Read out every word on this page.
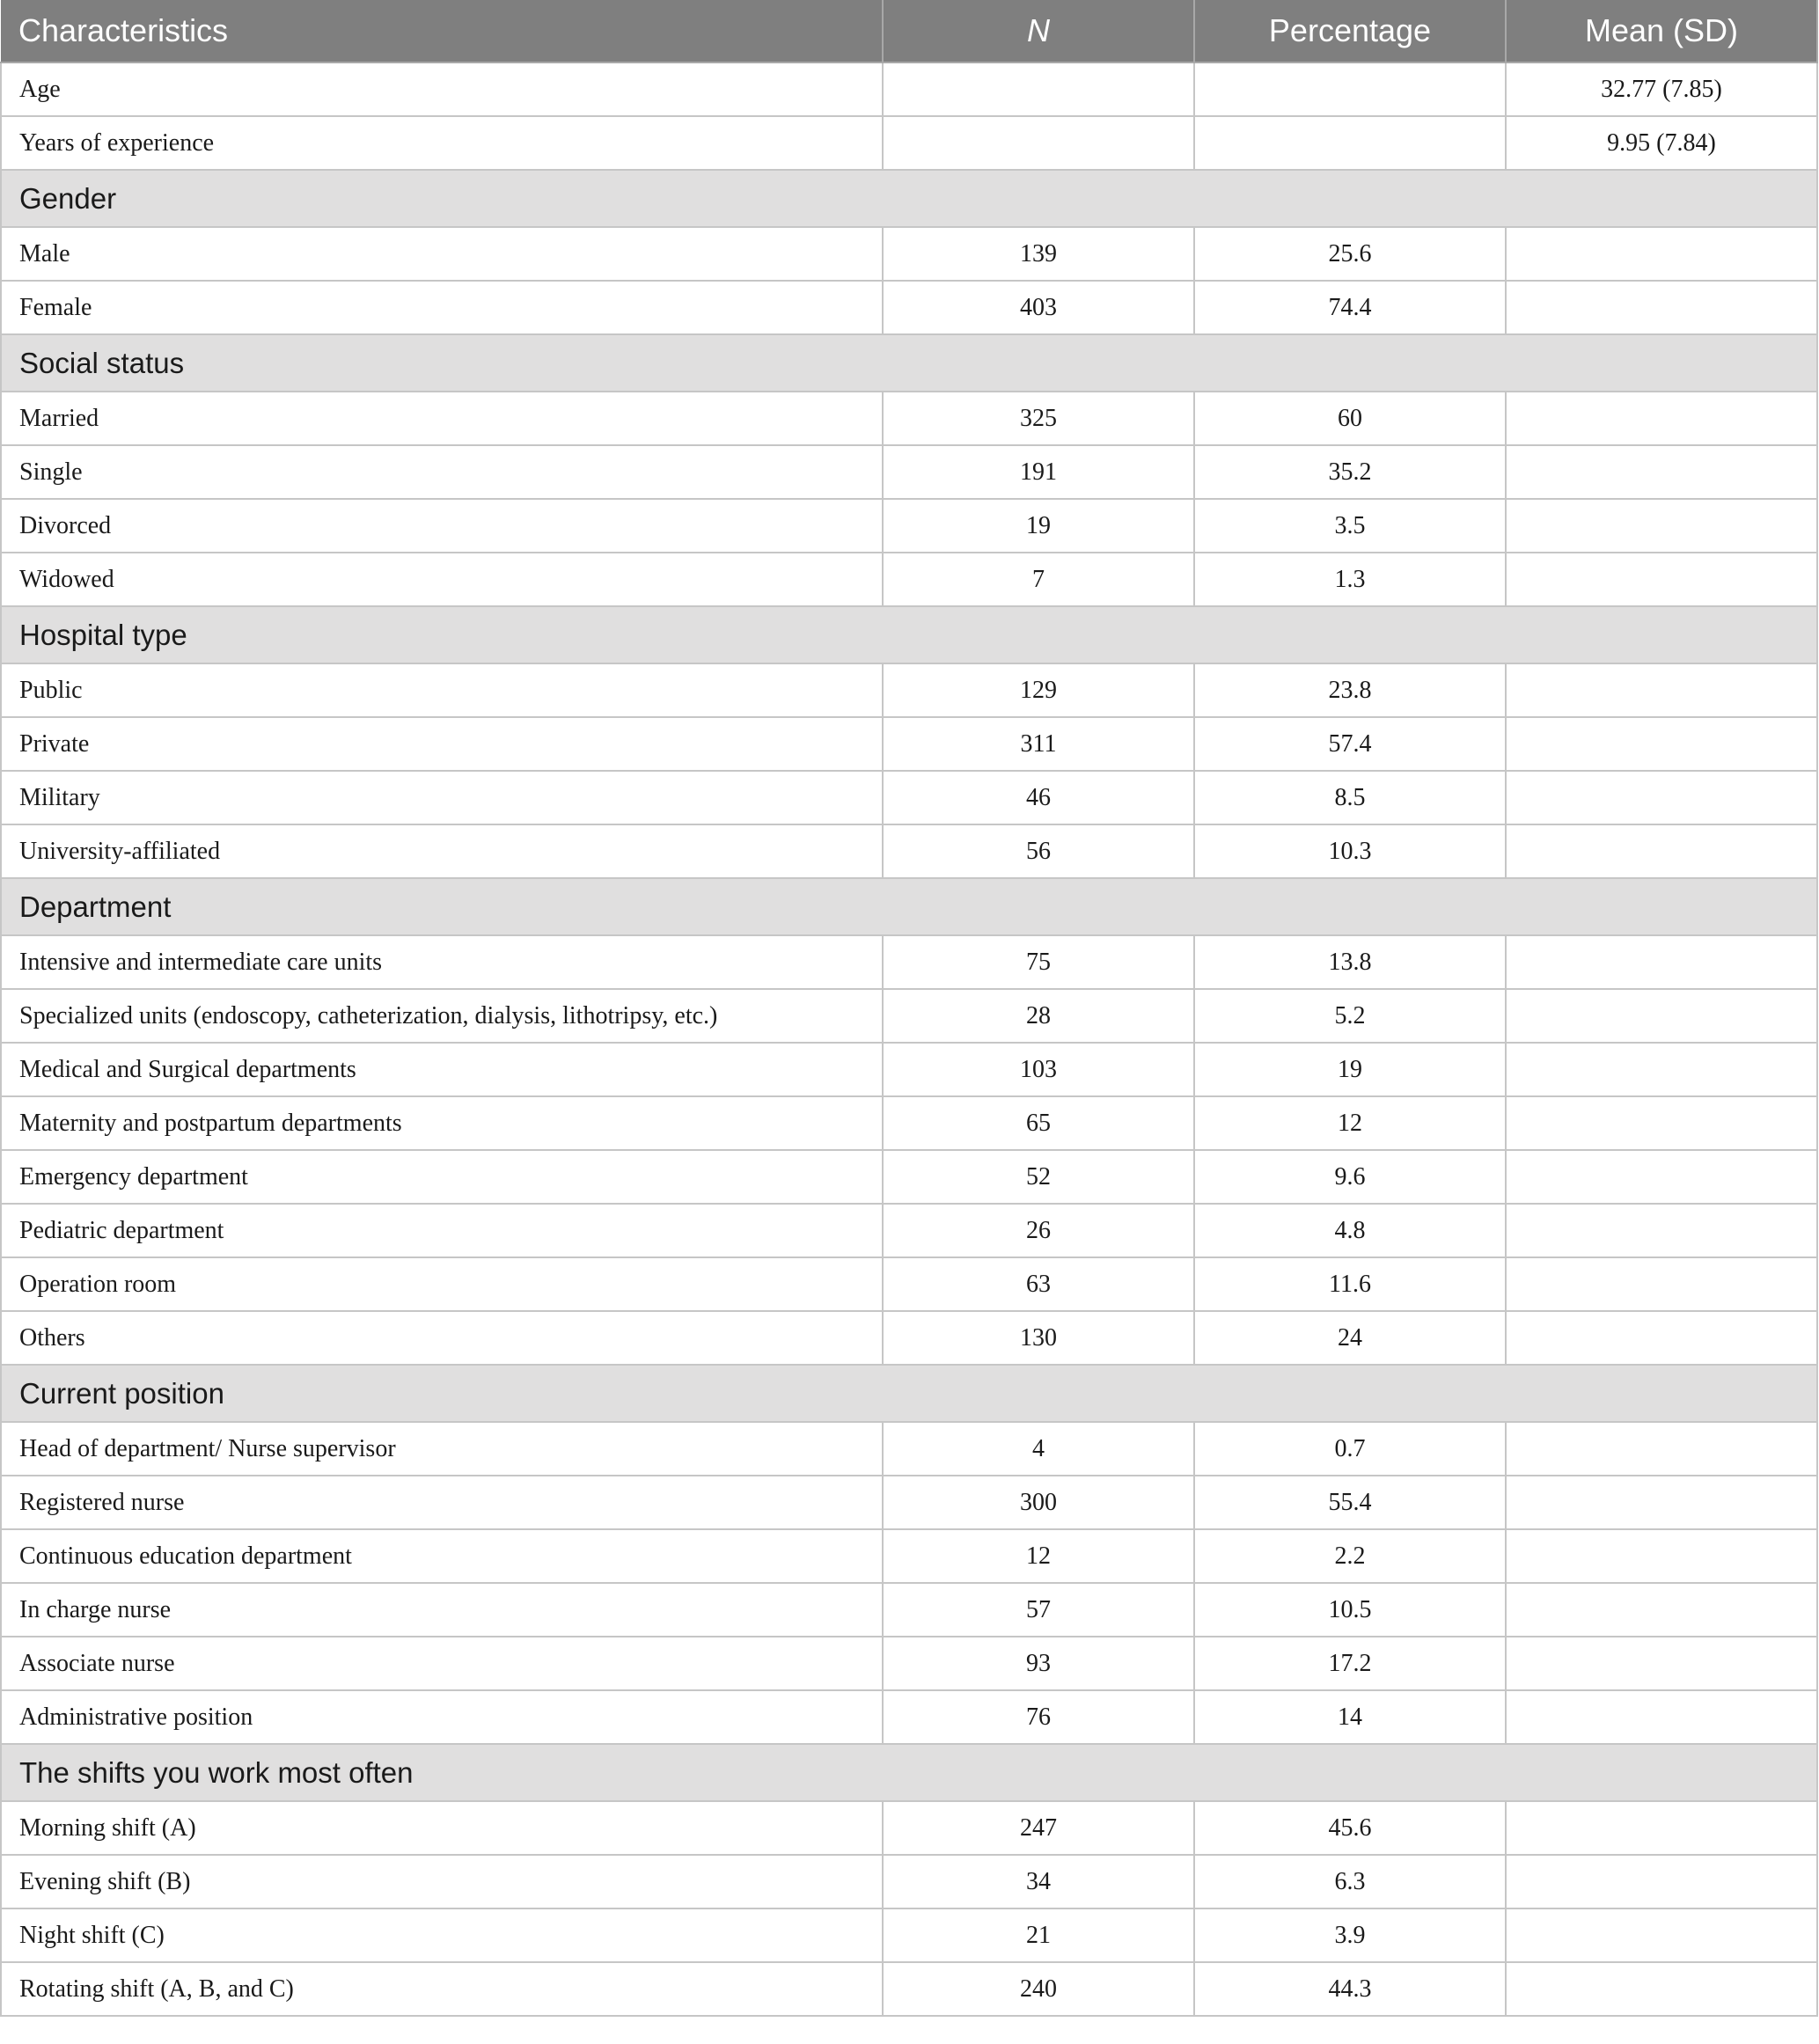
Characteristics	N	Percentage	Mean (SD)
Age			32.77 (7.85)
Years of experience			9.95 (7.84)
Gender			
Male	139	25.6	
Female	403	74.4	
Social status			
Married	325	60	
Single	191	35.2	
Divorced	19	3.5	
Widowed	7	1.3	
Hospital type			
Public	129	23.8	
Private	311	57.4	
Military	46	8.5	
University-affiliated	56	10.3	
Department			
Intensive and intermediate care units	75	13.8	
Specialized units (endoscopy, catheterization, dialysis, lithotripsy, etc.)	28	5.2	
Medical and Surgical departments	103	19	
Maternity and postpartum departments	65	12	
Emergency department	52	9.6	
Pediatric department	26	4.8	
Operation room	63	11.6	
Others	130	24	
Current position			
Head of department/ Nurse supervisor	4	0.7	
Registered nurse	300	55.4	
Continuous education department	12	2.2	
In charge nurse	57	10.5	
Associate nurse	93	17.2	
Administrative position	76	14	
The shifts you work most often			
Morning shift (A)	247	45.6	
Evening shift (B)	34	6.3	
Night shift (C)	21	3.9	
Rotating shift (A, B, and C)	240	44.3	
